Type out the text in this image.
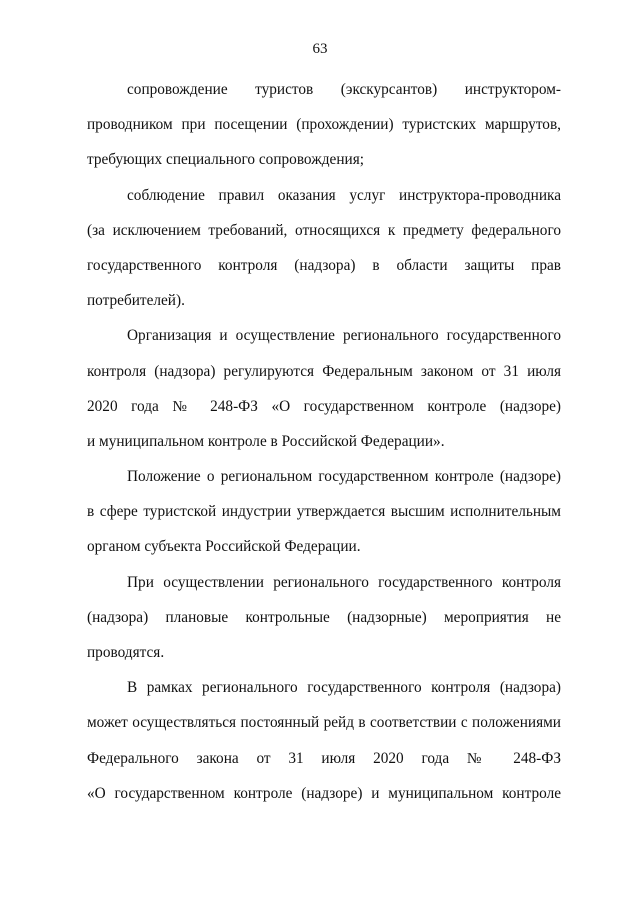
63
сопровождение туристов (экскурсантов) инструктором-
проводником при посещении (прохождении) туристских маршрутов,
требующих специального сопровождения;
соблюдение правил оказания услуг инструктора-проводника
(за исключением требований, относящихся к предмету федерального
государственного контроля (надзора) в области защиты прав
потребителей).
Организация и осуществление регионального государственного
контроля (надзора) регулируются Федеральным законом от 31 июля
2020 года № 248-ФЗ «О государственном контроле (надзоре)
и муниципальном контроле в Российской Федерации».
Положение о региональном государственном контроле (надзоре)
в сфере туристской индустрии утверждается высшим исполнительным
органом субъекта Российской Федерации.
При осуществлении регионального государственного контроля
(надзора) плановые контрольные (надзорные) мероприятия не
проводятся.
В рамках регионального государственного контроля (надзора)
может осуществляться постоянный рейд в соответствии с положениями
Федерального закона от 31 июля 2020 года № 248-ФЗ
«О государственном контроле (надзоре) и муниципальном контроле
